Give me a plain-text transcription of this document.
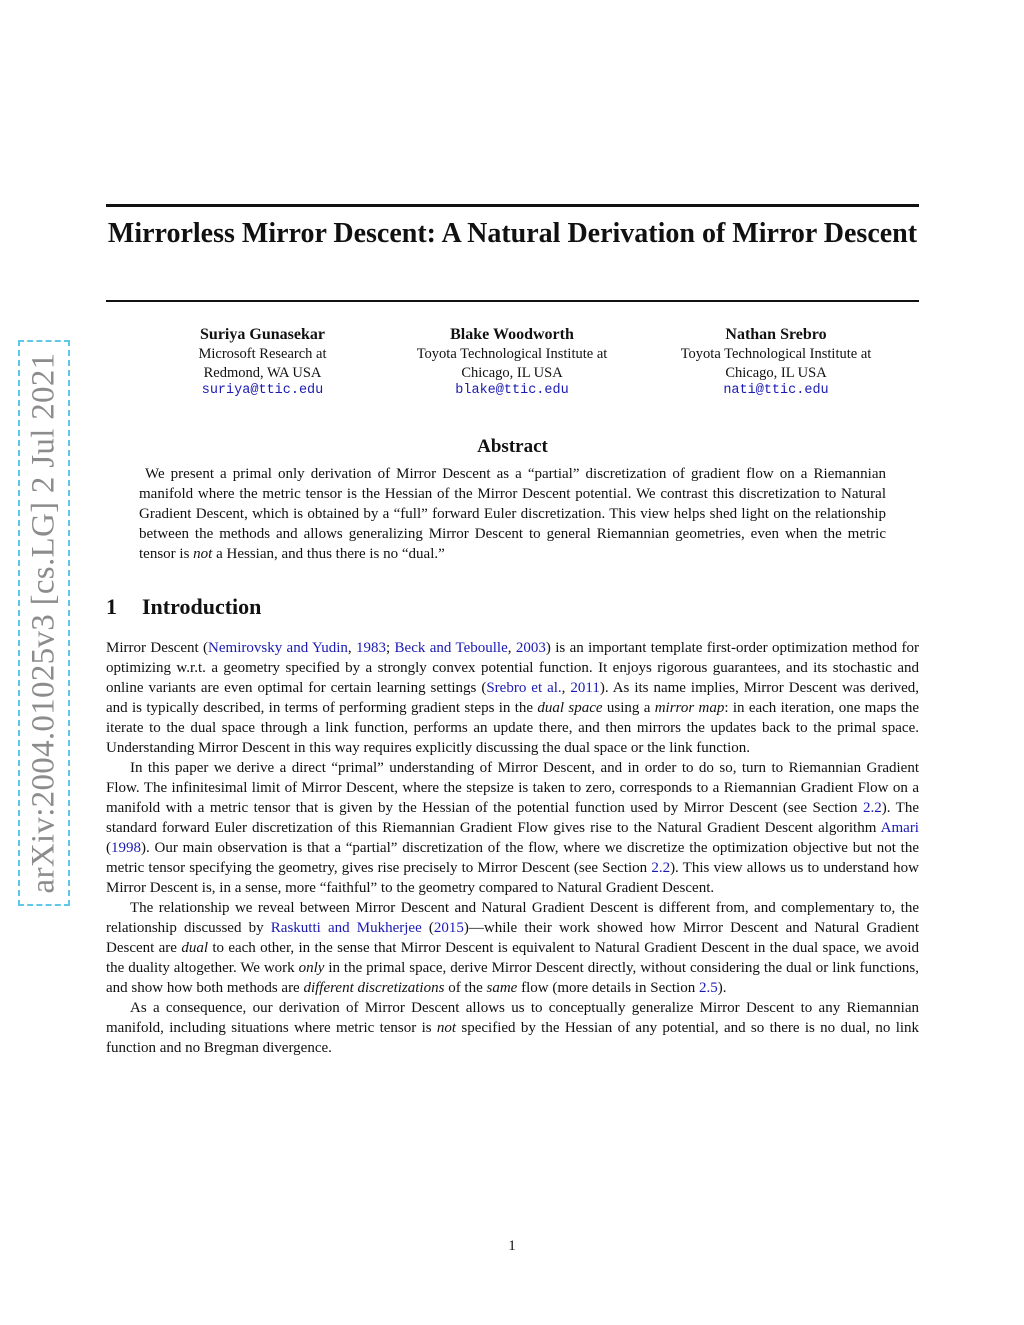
arXiv:2004.01025v3 [cs.LG] 2 Jul 2021
Mirrorless Mirror Descent: A Natural Derivation of Mirror Descent
Suriya Gunasekar
Microsoft Research at
Redmond, WA USA
suriya@ttic.edu
Blake Woodworth
Toyota Technological Institute at
Chicago, IL USA
blake@ttic.edu
Nathan Srebro
Toyota Technological Institute at
Chicago, IL USA
nati@ttic.edu
Abstract

We present a primal only derivation of Mirror Descent as a “partial” discretization of gradient flow on a Riemannian manifold where the metric tensor is the Hessian of the Mirror Descent potential. We contrast this discretization to Natural Gradient Descent, which is obtained by a “full” forward Euler discretization. This view helps shed light on the relationship between the methods and allows generalizing Mirror Descent to general Riemannian geometries, even when the metric tensor is not a Hessian, and thus there is no “dual.”

1 Introduction

Mirror Descent (Nemirovsky and Yudin, 1983; Beck and Teboulle, 2003) is an important template first-order optimization method for optimizing w.r.t. a geometry specified by a strongly convex potential function. It enjoys rigorous guarantees, and its stochastic and online variants are even optimal for certain learning settings (Srebro et al., 2011). As its name implies, Mirror Descent was derived, and is typically described, in terms of performing gradient steps in the dual space using a mirror map: in each iteration, one maps the iterate to the dual space through a link function, performs an update there, and then mirrors the updates back to the primal space. Understanding Mirror Descent in this way requires explicitly discussing the dual space or the link function.

In this paper we derive a direct “primal” understanding of Mirror Descent, and in order to do so, turn to Riemannian Gradient Flow. The infinitesimal limit of Mirror Descent, where the stepsize is taken to zero, corresponds to a Riemannian Gradient Flow on a manifold with a metric tensor that is given by the Hessian of the potential function used by Mirror Descent (see Section 2.2). The standard forward Euler discretization of this Riemannian Gradient Flow gives rise to the Natural Gradient Descent algorithm Amari (1998). Our main observation is that a “partial” discretization of the flow, where we discretize the optimization objective but not the metric tensor specifying the geometry, gives rise precisely to Mirror Descent (see Section 2.2). This view allows us to understand how Mirror Descent is, in a sense, more “faithful” to the geometry compared to Natural Gradient Descent.

The relationship we reveal between Mirror Descent and Natural Gradient Descent is different from, and complementary to, the relationship discussed by Raskutti and Mukherjee (2015)—while their work showed how Mirror Descent and Natural Gradient Descent are dual to each other, in the sense that Mirror Descent is equivalent to Natural Gradient Descent in the dual space, we avoid the duality altogether. We work only in the primal space, derive Mirror Descent directly, without considering the dual or link functions, and show how both methods are different discretizations of the same flow (more details in Section 2.5).

As a consequence, our derivation of Mirror Descent allows us to conceptually generalize Mirror Descent to any Riemannian manifold, including situations where metric tensor is not specified by the Hessian of any potential, and so there is no dual, no link function and no Bregman divergence.

1
